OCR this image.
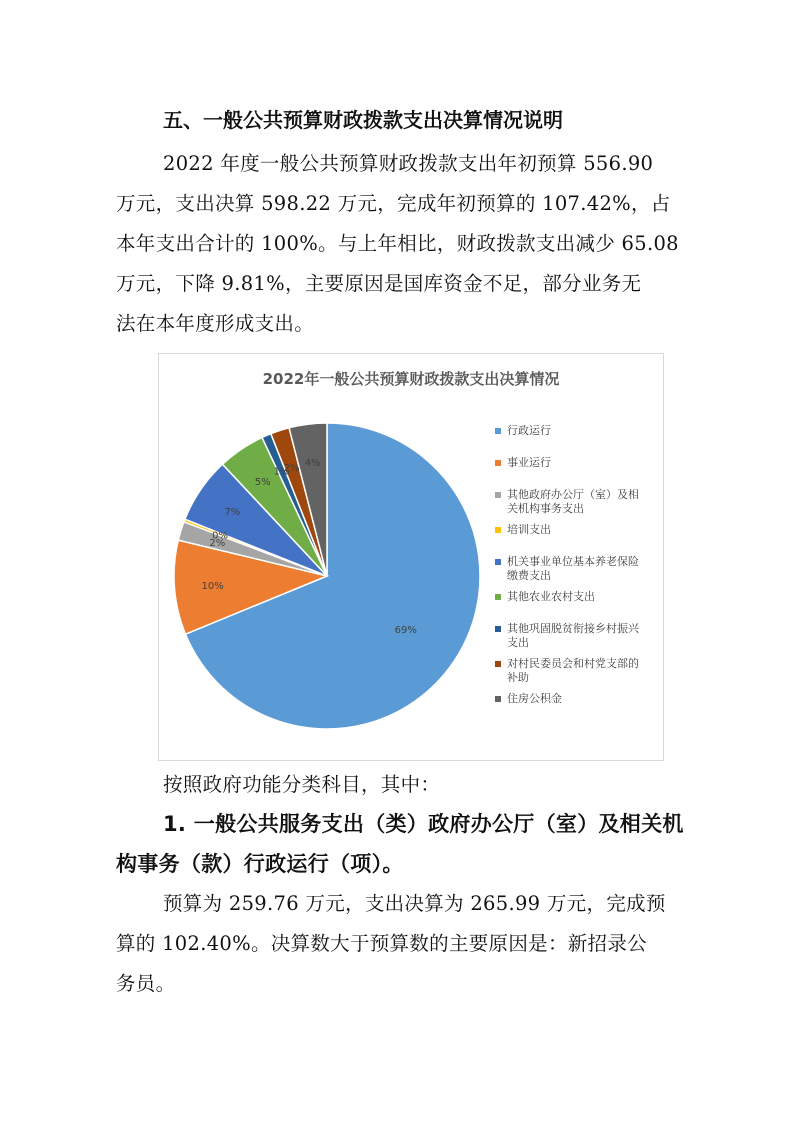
五、一般公共预算财政拨款支出决算情况说明
2022 年度一般公共预算财政拨款支出年初预算 556.90
万元，支出决算 598.22 万元，完成年初预算的 107.42%，占
本年支出合计的 100%。与上年相比，财政拨款支出减少 65.08
万元，下降 9.81%，主要原因是国库资金不足，部分业务无
法在本年度形成支出。
2022年一般公共预算财政拨款支出决算情况
69%
10%
2%
0%
7%
5%
1%
2% 4%
行政运行
事业运行
其他政府办公厅（室）及相
关机构事务支出
培训支出
机关事业单位基本养老保险
缴费支出
其他农业农村支出
其他巩固脱贫衔接乡村振兴
支出
对村民委员会和村党支部的
补助
住房公积金
按照政府功能分类科目，其中：
1. 一般公共服务支出（类）政府办公厅（室）及相关机
构事务（款）行政运行（项）。
预算为 259.76 万元，支出决算为 265.99 万元，完成预
算的 102.40%。决算数大于预算数的主要原因是：新招录公
务员。
